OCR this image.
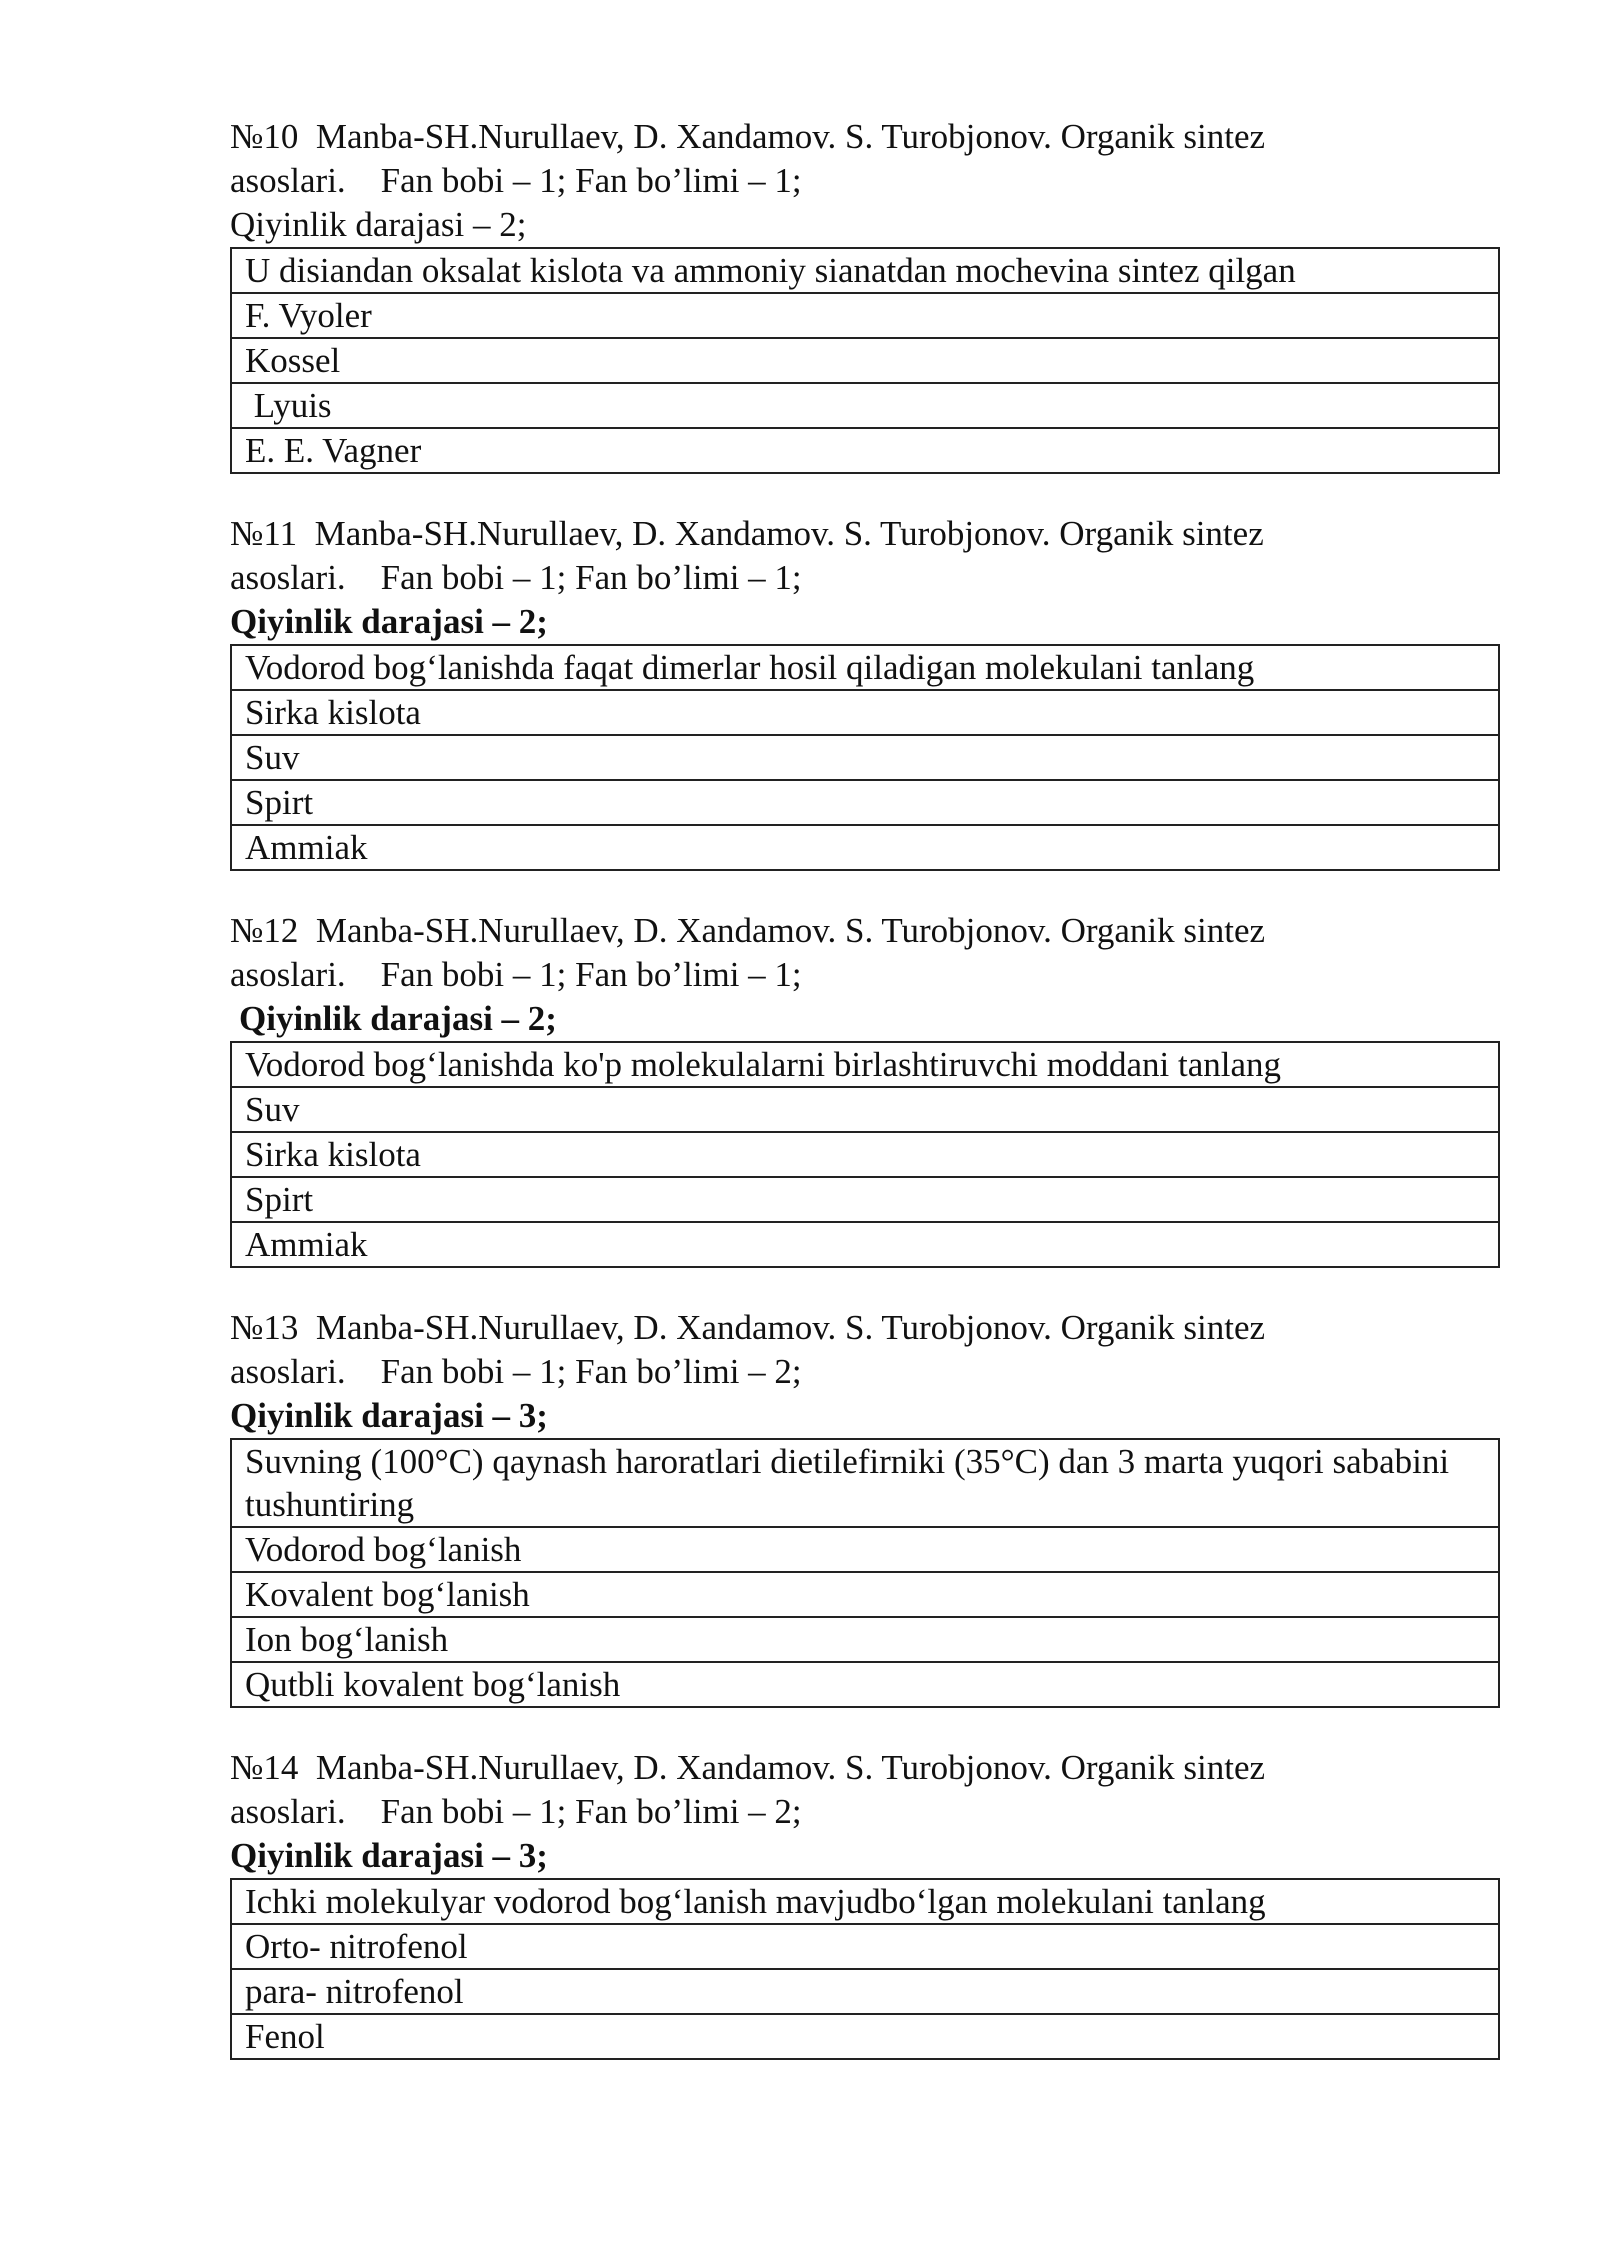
№10 Manba-SH.Nurullaev, D. Xandamov. S. Turobjonov. Organik sintez
asoslari.    Fan bobi – 1; Fan bo’limi – 1;
Qiyinlik darajasi – 2;
U disiandan oksalat kislota va ammoniy sianatdan mochevina sintez qilgan
F. Vyoler
Kossel
Lyuis
E. E. Vagner
№11 Manba-SH.Nurullaev, D. Xandamov. S. Turobjonov. Organik sintez
asoslari.    Fan bobi – 1; Fan bo’limi – 1;
Qiyinlik darajasi – 2;
Vodorod bog‘lanishda faqat dimerlar hosil qiladigan molekulani tanlang
Sirka kislota
Suv
Spirt
Ammiak
№12 Manba-SH.Nurullaev, D. Xandamov. S. Turobjonov. Organik sintez
asoslari.    Fan bobi – 1; Fan bo’limi – 1;
Qiyinlik darajasi – 2;
Vodorod bog‘lanishda ko'p molekulalarni birlashtiruvchi moddani tanlang
Suv
Sirka kislota
Spirt
Ammiak
№13 Manba-SH.Nurullaev, D. Xandamov. S. Turobjonov. Organik sintez
asoslari.    Fan bobi – 1; Fan bo’limi – 2;
Qiyinlik darajasi – 3;
Suvning (100°C) qaynash haroratlari dietilefirniki (35°C) dan 3 marta yuqori sababini tushuntiring
Vodorod bog‘lanish
Kovalent bog‘lanish
Ion bog‘lanish
Qutbli kovalent bog‘lanish
№14 Manba-SH.Nurullaev, D. Xandamov. S. Turobjonov. Organik sintez
asoslari.    Fan bobi – 1; Fan bo’limi – 2;
Qiyinlik darajasi – 3;
Ichki molekulyar vodorod bog‘lanish mavjudbo‘lgan molekulani tanlang
Orto- nitrofenol
para- nitrofenol
Fenol
